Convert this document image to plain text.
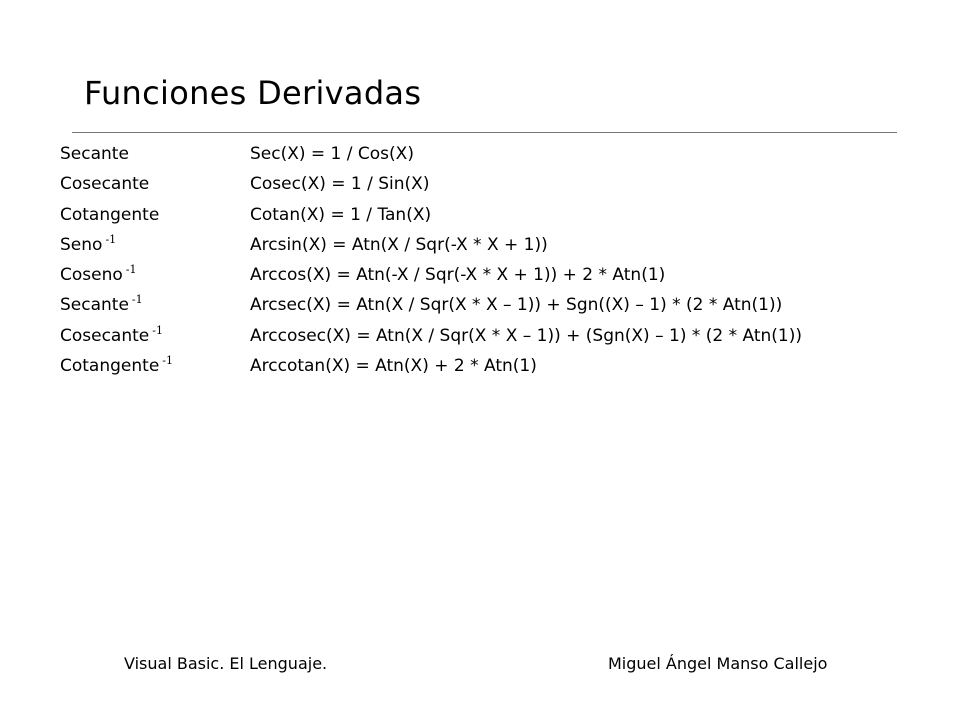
Funciones Derivadas
Secante	Sec(X) = 1 / Cos(X)
Cosecante	Cosec(X) = 1 / Sin(X)
Cotangente	Cotan(X) = 1 / Tan(X)
Seno $^{-1}$	Arcsin(X) = Atn(X / Sqr(-X * X + 1))
Coseno $^{-1}$	Arccos(X) = Atn(-X / Sqr(-X * X + 1)) + 2 * Atn(1)
Secante $^{-1}$	Arcsec(X) = Atn(X / Sqr(X * X – 1)) + Sgn((X) – 1) * (2 * Atn(1))
Cosecante $^{-1}$	Arccosec(X) = Atn(X / Sqr(X * X – 1)) + (Sgn(X) – 1) * (2 * Atn(1))
Cotangente $^{-1}$	Arccotan(X) = Atn(X) + 2 * Atn(1)
Visual Basic. El Lenguaje.	Miguel Ángel Manso Callejo
